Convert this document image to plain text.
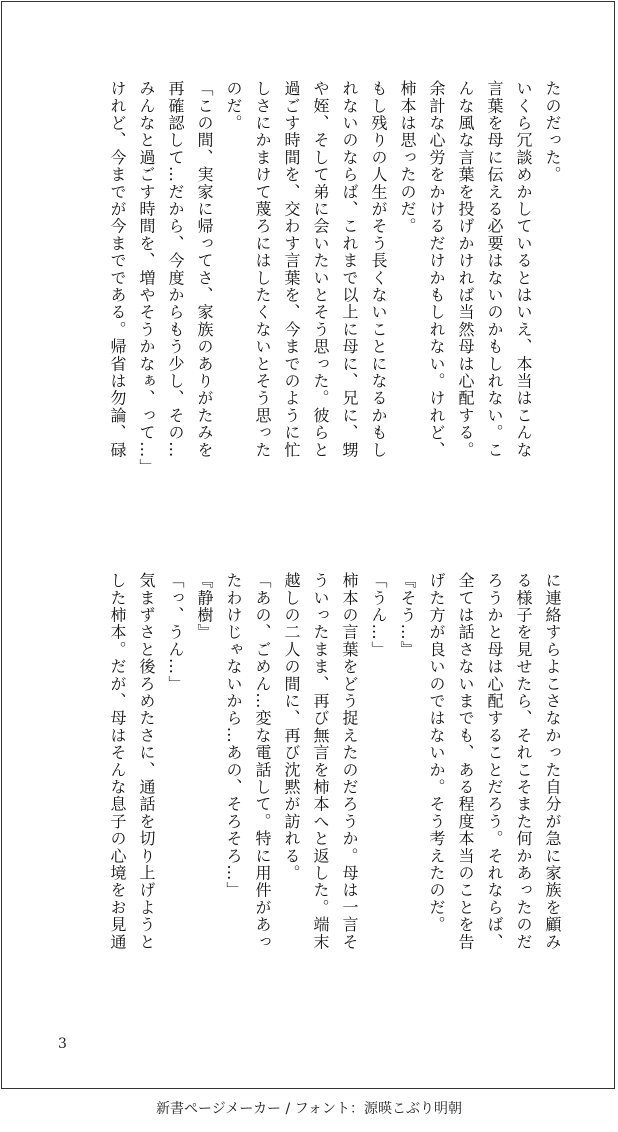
たのだった。

いくら冗談めかしているとはいえ、本当はこんな

言葉を母に伝える必要はないのかもしれない。こ

んな風な言葉を投げかければ当然母は心配する。

余計な心労をかけるだけかもしれない。けれど、

柿本は思ったのだ。

もし残りの人生がそう長くないことになるかもし

れないのならば、これまで以上に母に、兄に、甥

や姪、そして弟に会いたいとそう思った。彼らと

過ごす時間を、交わす言葉を、今までのように忙

しさにかまけて蔑ろにはしたくないとそう思った

のだ。

「この間、実家に帰ってさ、家族のありがたみを

再確認して…だから、今度からもう少し、その…

みんなと過ごす時間を、増やそうかなぁ、って…」

けれど、今までが今までである。帰省は勿論、碌

に連絡すらよこさなかった自分が急に家族を顧み

る様子を見せたら、それこそまた何かあったのだ

ろうかと母は心配することだろう。それならば、

全ては話さないまでも、ある程度本当のことを告

げた方が良いのではないか。そう考えたのだ。

『そう…』

「うん…」

柿本の言葉をどう捉えたのだろうか。母は一言そ

ういったまま、再び無言を柿本へと返した。端末

越しの二人の間に、再び沈黙が訪れる。

「あの、ごめん…変な電話して。特に用件があっ

たわけじゃないから…あの、そろそろ…」

『静樹』

「っ、うん…」

気まずさと後ろめたさに、通話を切り上げようと

した柿本。だが、母はそんな息子の心境をお見通

3
新書ページメーカー / フォント：源暎こぶり明朝
